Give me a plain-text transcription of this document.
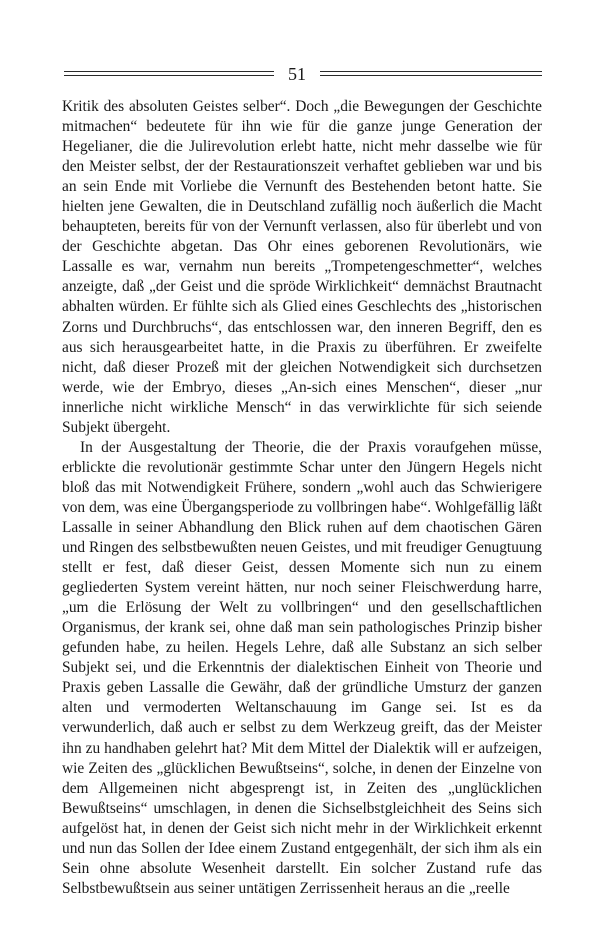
51

Kritik des absoluten Geistes selber“. Doch „die Bewegungen der Geschichte mitmachen“ bedeutete für ihn wie für die ganze junge Generation der Hegelianer, die die Julirevolution erlebt hatte, nicht mehr dasselbe wie für den Meister selbst, der der Restaurationszeit verhaftet geblieben war und bis an sein Ende mit Vorliebe die Vernunft des Bestehenden betont hatte. Sie hielten jene Gewalten, die in Deutschland zufällig noch äußerlich die Macht behaupteten, bereits für von der Vernunft verlassen, also für überlebt und von der Geschichte abgetan. Das Ohr eines geborenen Revolutionärs, wie Lassalle es war, vernahm nun bereits „Trompetengeschmetter“, welches anzeigte, daß „der Geist und die spröde Wirklichkeit“ demnächst Brautnacht abhalten würden. Er fühlte sich als Glied eines Geschlechts des „historischen Zorns und Durchbruchs“, das entschlossen war, den inneren Begriff, den es aus sich herausgearbeitet hatte, in die Praxis zu überführen. Er zweifelte nicht, daß dieser Prozeß mit der gleichen Notwendigkeit sich durchsetzen werde, wie der Embryo, dieses „An-sich eines Menschen“, dieser „nur innerliche nicht wirkliche Mensch“ in das verwirklichte für sich seiende Subjekt übergeht.

In der Ausgestaltung der Theorie, die der Praxis voraufgehen müsse, erblickte die revolutionär gestimmte Schar unter den Jüngern Hegels nicht bloß das mit Notwendigkeit Frühere, sondern „wohl auch das Schwierigere von dem, was eine Übergangsperiode zu vollbringen habe“. Wohlgefällig läßt Lassalle in seiner Abhandlung den Blick ruhen auf dem chaotischen Gären und Ringen des selbstbewußten neuen Geistes, und mit freudiger Genugtuung stellt er fest, daß dieser Geist, dessen Momente sich nun zu einem gegliederten System vereint hätten, nur noch seiner Fleischwerdung harre, „um die Erlösung der Welt zu vollbringen“ und den gesellschaftlichen Organismus, der krank sei, ohne daß man sein pathologisches Prinzip bisher gefunden habe, zu heilen. Hegels Lehre, daß alle Substanz an sich selber Subjekt sei, und die Erkenntnis der dialektischen Einheit von Theorie und Praxis geben Lassalle die Gewähr, daß der gründliche Umsturz der ganzen alten und vermoderten Weltanschauung im Gange sei. Ist es da verwunderlich, daß auch er selbst zu dem Werkzeug greift, das der Meister ihn zu handhaben gelehrt hat? Mit dem Mittel der Dialektik will er aufzeigen, wie Zeiten des „glücklichen Bewußtseins“, solche, in denen der Einzelne von dem Allgemeinen nicht abgesprengt ist, in Zeiten des „unglücklichen Bewußtseins“ umschlagen, in denen die Sichselbstgleichheit des Seins sich aufgelöst hat, in denen der Geist sich nicht mehr in der Wirklichkeit erkennt und nun das Sollen der Idee einem Zustand entgegenhält, der sich ihm als ein Sein ohne absolute Wesenheit darstellt. Ein solcher Zustand rufe das Selbstbewußtsein aus seiner untätigen Zerrissenheit heraus an die „reelle
